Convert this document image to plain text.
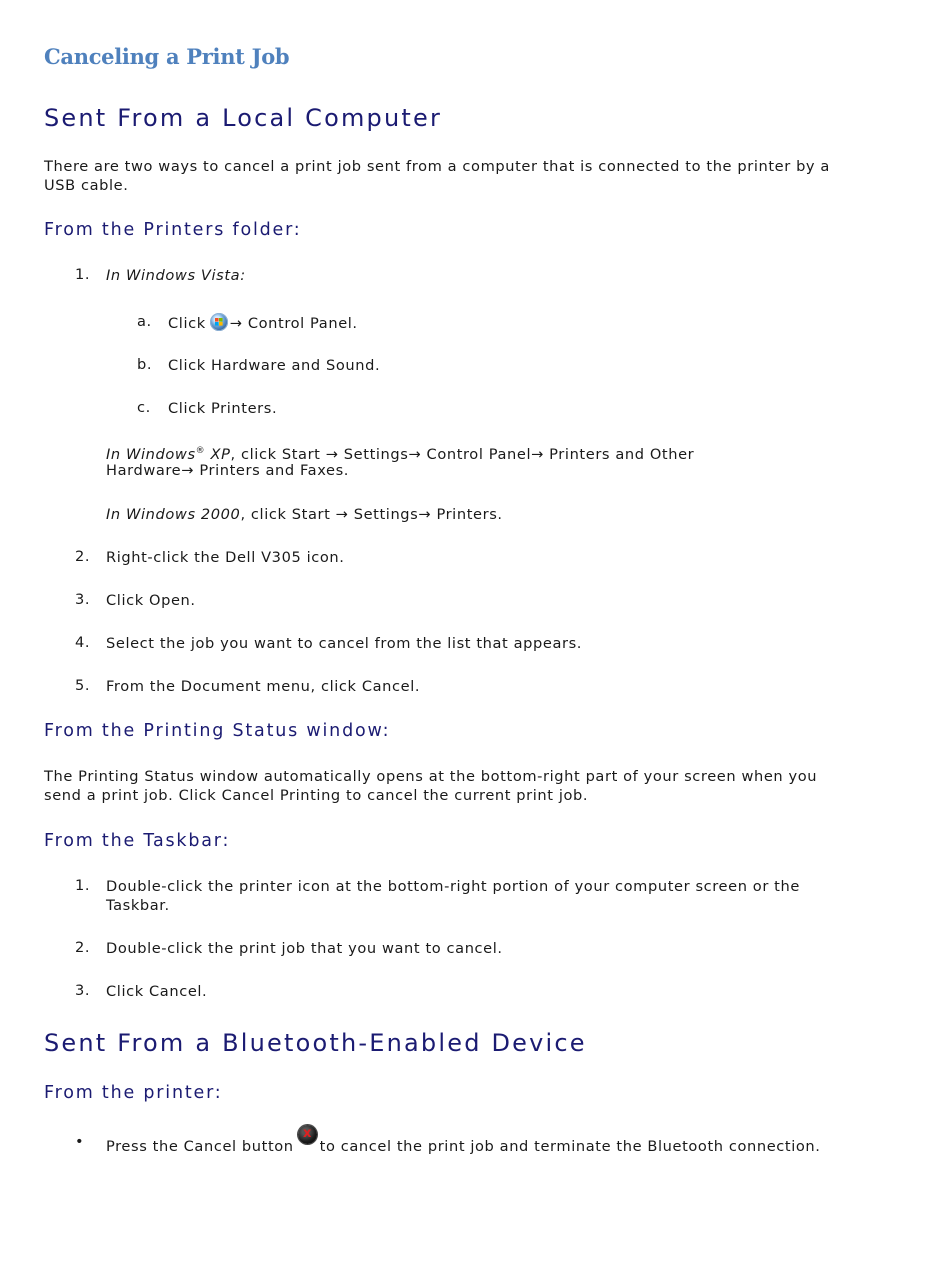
Canceling a Print Job
Sent From a Local Computer
There are two ways to cancel a print job sent from a computer that is connected to the printer by a
USB cable.
From the Printers folder:
1. In Windows Vista:
a. Click → Control Panel.
b. Click Hardware and Sound.
c. Click Printers.
In Windows® XP, click Start → Settings→ Control Panel→ Printers and Other
Hardware→ Printers and Faxes.
In Windows 2000, click Start → Settings→ Printers.
2. Right-click the Dell V305 icon.
3. Click Open.
4. Select the job you want to cancel from the list that appears.
5. From the Document menu, click Cancel.
From the Printing Status window:
The Printing Status window automatically opens at the bottom-right part of your screen when you
send a print job. Click Cancel Printing to cancel the current print job.
From the Taskbar:
1. Double-click the printer icon at the bottom-right portion of your computer screen or the
Taskbar.
2. Double-click the print job that you want to cancel.
3. Click Cancel.
Sent From a Bluetooth-Enabled Device
From the printer:
• Press the Cancel buttonx to cancel the print job and terminate the Bluetooth connection.
